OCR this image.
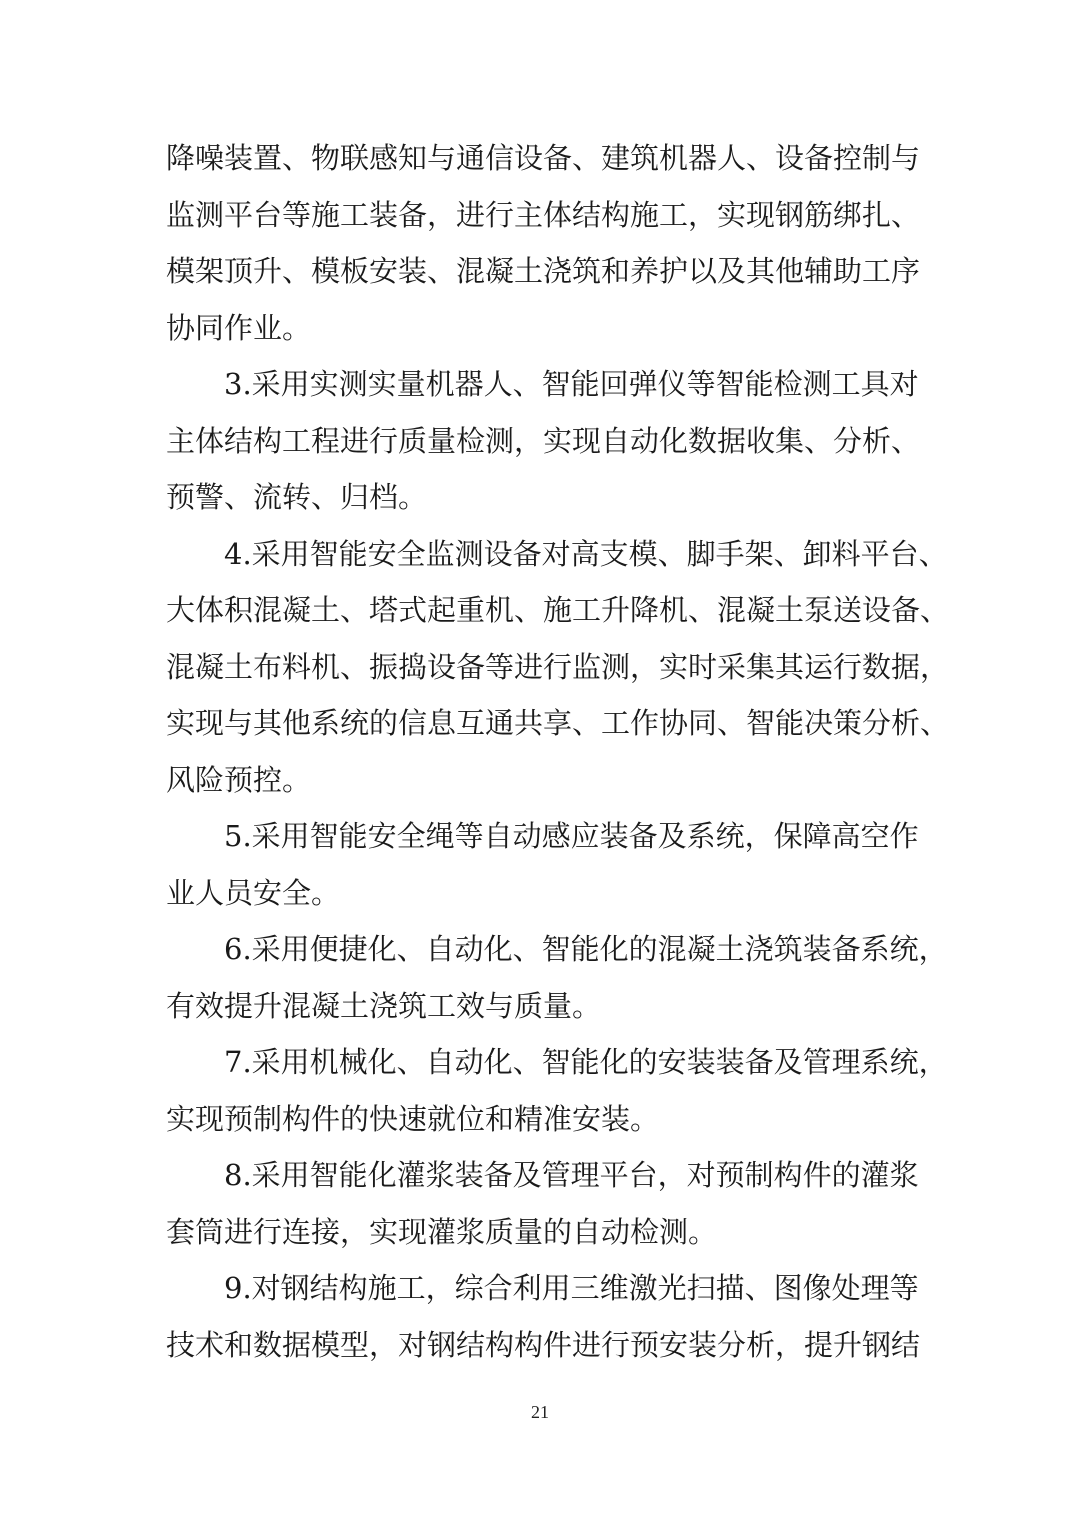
降噪装置、物联感知与通信设备、建筑机器人、设备控制与
监测平台等施工装备，进行主体结构施工，实现钢筋绑扎、
模架顶升、模板安装、混凝土浇筑和养护以及其他辅助工序
协同作业。
3.采用实测实量机器人、智能回弹仪等智能检测工具对
主体结构工程进行质量检测，实现自动化数据收集、分析、
预警、流转、归档。
4.采用智能安全监测设备对高支模、脚手架、卸料平台、
大体积混凝土、塔式起重机、施工升降机、混凝土泵送设备、
混凝土布料机、振捣设备等进行监测，实时采集其运行数据，
实现与其他系统的信息互通共享、工作协同、智能决策分析、
风险预控。
5.采用智能安全绳等自动感应装备及系统，保障高空作
业人员安全。
6.采用便捷化、自动化、智能化的混凝土浇筑装备系统，
有效提升混凝土浇筑工效与质量。
7.采用机械化、自动化、智能化的安装装备及管理系统，
实现预制构件的快速就位和精准安装。
8.采用智能化灌浆装备及管理平台，对预制构件的灌浆
套筒进行连接，实现灌浆质量的自动检测。
9.对钢结构施工，综合利用三维激光扫描、图像处理等
技术和数据模型，对钢结构构件进行预安装分析，提升钢结
21
